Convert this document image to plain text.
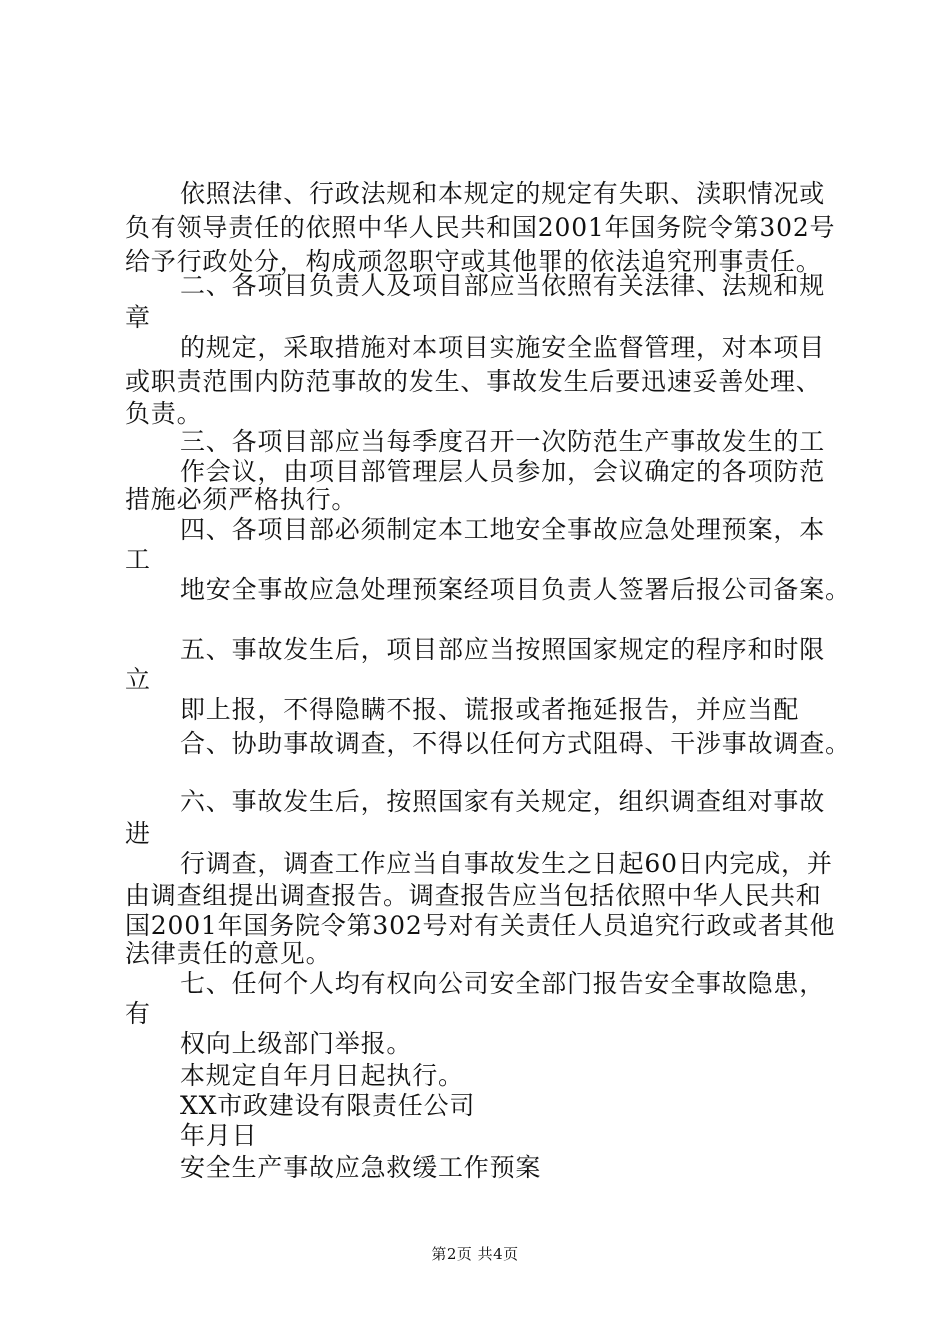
依照法律、行政法规和本规定的规定有失职、渎职情况或
负有领导责任的依照中华人民共和国2001年国务院令第302号
给予行政处分，构成顽忽职守或其他罪的依法追究刑事责任。
二、各项目负责人及项目部应当依照有关法律、法规和规
章
的规定，采取措施对本项目实施安全监督管理，对本项目
或职责范围内防范事故的发生、事故发生后要迅速妥善处理、
负责。
三、各项目部应当每季度召开一次防范生产事故发生的工
作会议，由项目部管理层人员参加，会议确定的各项防范
措施必须严格执行。
四、各项目部必须制定本工地安全事故应急处理预案，本
工
地安全事故应急处理预案经项目负责人签署后报公司备案。
五、事故发生后，项目部应当按照国家规定的程序和时限
立
即上报，不得隐瞒不报、谎报或者拖延报告，并应当配
合、协助事故调查，不得以任何方式阻碍、干涉事故调查。
六、事故发生后，按照国家有关规定，组织调查组对事故
进
行调查，调查工作应当自事故发生之日起60日内完成，并
由调查组提出调查报告。调查报告应当包括依照中华人民共和
国2001年国务院令第302号对有关责任人员追究行政或者其他
法律责任的意见。
七、任何个人均有权向公司安全部门报告安全事故隐患，
有
权向上级部门举报。
本规定自年月日起执行。
XX市政建设有限责任公司
年月日
安全生产事故应急救缓工作预案
第2页 共4页
